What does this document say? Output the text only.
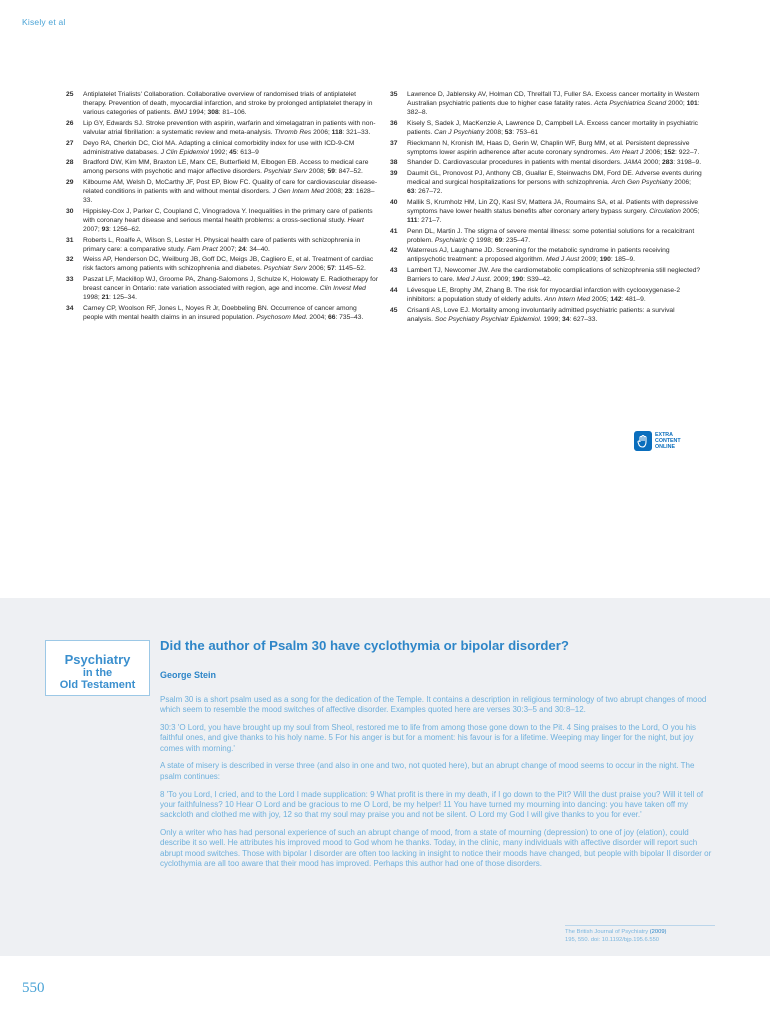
Kisely et al
25 Antiplatelet Trialists' Collaboration. Collaborative overview of randomised trials of antiplatelet therapy. Prevention of death, myocardial infarction, and stroke by prolonged antiplatelet therapy in various categories of patients. BMJ 1994; 308: 81–106.
26 Lip GY, Edwards SJ. Stroke prevention with aspirin, warfarin and ximelagatran in patients with non-valvular atrial fibrillation: a systematic review and meta-analysis. Thromb Res 2006; 118: 321–33.
27 Deyo RA, Cherkin DC, Ciol MA. Adapting a clinical comorbidity index for use with ICD-9-CM administrative databases. J Clin Epidemiol 1992; 45: 613–9
28 Bradford DW, Kim MM, Braxton LE, Marx CE, Butterfield M, Elbogen EB. Access to medical care among persons with psychotic and major affective disorders. Psychiatr Serv 2008; 59: 847–52.
29 Kilbourne AM, Welsh D, McCarthy JF, Post EP, Blow FC. Quality of care for cardiovascular disease-related conditions in patients with and without mental disorders. J Gen Intern Med 2008; 23: 1628–33.
30 Hippisley-Cox J, Parker C, Coupland C, Vinogradova Y. Inequalities in the primary care of patients with coronary heart disease and serious mental health problems: a cross-sectional study. Heart 2007; 93: 1256–62.
31 Roberts L, Roalfe A, Wilson S, Lester H. Physical health care of patients with schizophrenia in primary care: a comparative study. Fam Pract 2007; 24: 34–40.
32 Weiss AP, Henderson DC, Weilburg JB, Goff DC, Meigs JB, Cagliero E, et al. Treatment of cardiac risk factors among patients with schizophrenia and diabetes. Psychiatr Serv 2006; 57: 1145–52.
33 Paszat LF, Mackillop WJ, Groome PA, Zhang-Salomons J, Schulze K, Holowaty E. Radiotherapy for breast cancer in Ontario: rate variation associated with region, age and income. Clin Invest Med 1998; 21: 125–34.
34 Carney CP, Woolson RF, Jones L, Noyes R Jr, Doebbeling BN. Occurrence of cancer among people with mental health claims in an insured population. Psychosom Med. 2004; 66: 735–43.
35 Lawrence D, Jablensky AV, Holman CD, Threlfall TJ, Fuller SA. Excess cancer mortality in Western Australian psychiatric patients due to higher case fatality rates. Acta Psychiatrica Scand 2000; 101: 382–8.
36 Kisely S, Sadek J, MacKenzie A, Lawrence D, Campbell LA. Excess cancer mortality in psychiatric patients. Can J Psychiatry 2008; 53: 753–61
37 Rieckmann N, Kronish IM, Haas D, Gerin W, Chaplin WF, Burg MM, et al. Persistent depressive symptoms lower aspirin adherence after acute coronary syndromes. Am Heart J 2006; 152: 922–7.
38 Shander D. Cardiovascular procedures in patients with mental disorders. JAMA 2000; 283: 3198–9.
39 Daumit GL, Pronovost PJ, Anthony CB, Guallar E, Steinwachs DM, Ford DE. Adverse events during medical and surgical hospitalizations for persons with schizophrenia. Arch Gen Psychiatry 2006; 63: 267–72.
40 Mallik S, Krumholz HM, Lin ZQ, Kasl SV, Mattera JA, Roumains SA, et al. Patients with depressive symptoms have lower health status benefits after coronary artery bypass surgery. Circulation 2005; 111: 271–7.
41 Penn DL, Martin J. The stigma of severe mental illness: some potential solutions for a recalcitrant problem. Psychiatric Q 1998; 69: 235–47.
42 Waterreus AJ, Laughame JD. Screening for the metabolic syndrome in patients receiving antipsychotic treatment: a proposed algorithm. Med J Aust 2009; 190: 185–9.
43 Lambert TJ, Newcomer JW. Are the cardiometabolic complications of schizophrenia still neglected? Barriers to care. Med J Aust. 2009; 190: S39–42.
44 Lévesque LE, Brophy JM, Zhang B. The risk for myocardial infarction with cyclooxygenase-2 inhibitors: a population study of elderly adults. Ann Intern Med 2005; 142: 481–9.
45 Crisanti AS, Love EJ. Mortality among involuntarily admitted psychiatric patients: a survival analysis. Soc Psychiatry Psychiatr Epidemiol. 1999; 34: 627–33.
EXTRA
CONTENT
ONLINE
Psychiatry
in the
Old Testament
Did the author of Psalm 30 have cyclothymia or bipolar disorder?
George Stein

Psalm 30 is a short psalm used as a song for the dedication of the Temple. It contains a description in religious terminology of two abrupt changes of mood which seem to resemble the mood switches of affective disorder. Examples quoted here are verses 30:3–5 and 30:8–12.

30:3 'O Lord, you have brought up my soul from Sheol, restored me to life from among those gone down to the Pit. 4 Sing praises to the Lord, O you his faithful ones, and give thanks to his holy name. 5 For his anger is but for a moment: his favour is for a lifetime. Weeping may linger for the night, but joy comes with morning.'

A state of misery is described in verse three (and also in one and two, not quoted here), but an abrupt change of mood seems to occur in the night. The psalm continues:

8 'To you Lord, I cried, and to the Lord I made supplication: 9 What profit is there in my death, if I go down to the Pit? Will the dust praise you? Will it tell of your faithfulness? 10 Hear O Lord and be gracious to me O Lord, be my helper! 11 You have turned my mourning into dancing: you have taken off my sackcloth and clothed me with joy, 12 so that my soul may praise you and not be silent. O Lord my God I will give thanks to you for ever.'

Only a writer who has had personal experience of such an abrupt change of mood, from a state of mourning (depression) to one of joy (elation), could describe it so well. He attributes his improved mood to God whom he thanks. Today, in the clinic, many individuals with affective disorder will report such abrupt mood switches. Those with bipolar I disorder are often too lacking in insight to notice their moods have changed, but people with bipolar II disorder or cyclothymia are all too aware that their mood has improved. Perhaps this author had one of those disorders.

The British Journal of Psychiatry (2009)
195, 550. doi: 10.1192/bjp.195.6.550
550
